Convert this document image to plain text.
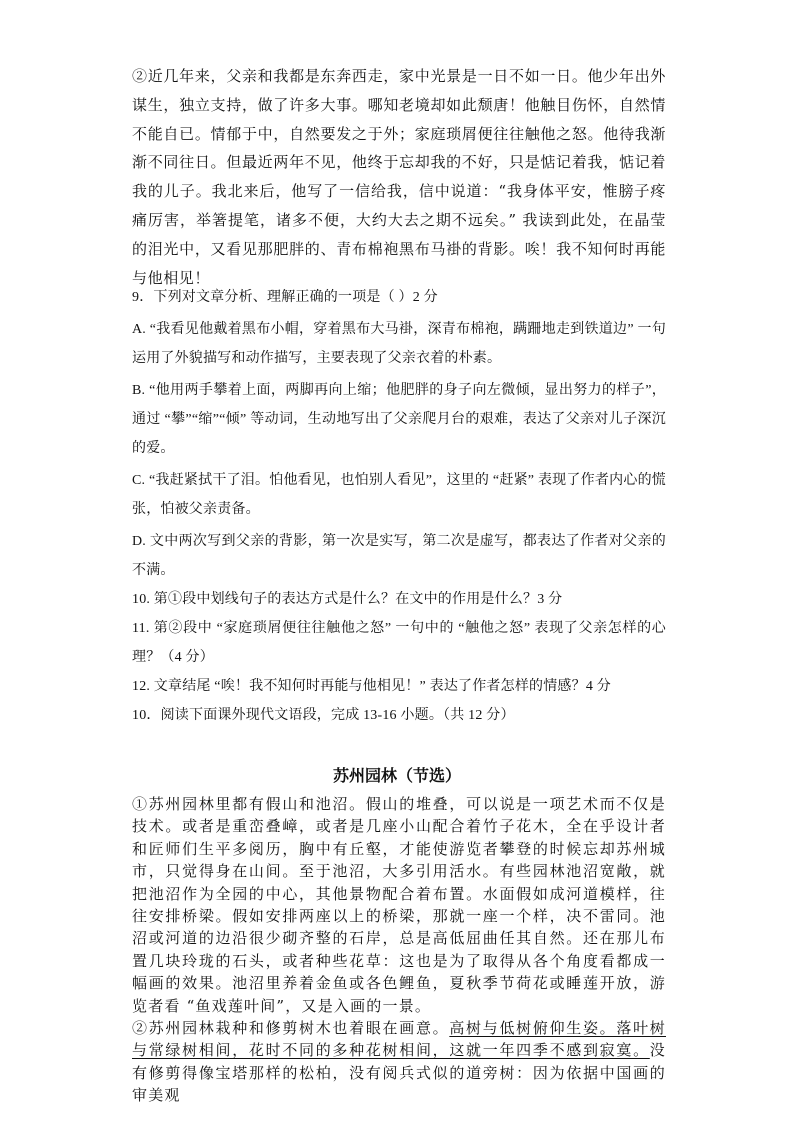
②近几年来，父亲和我都是东奔西走，家中光景是一日不如一日。他少年出外谋生，独立支持，做了许多大事。哪知老境却如此颓唐！他触目伤怀，自然情不能自已。情郁于中，自然要发之于外；家庭琐屑便往往触他之怒。他待我渐渐不同往日。但最近两年不见，他终于忘却我的不好，只是惦记着我，惦记着我的儿子。我北来后，他写了一信给我，信中说道：“我身体平安，惟膀子疼痛厉害，举箸提笔，诸多不便，大约大去之期不远矣。” 我读到此处，在晶莹的泪光中，又看见那肥胖的、青布棉袍黑布马褂的背影。唉！我不知何时再能与他相见！

9．下列对文章分析、理解正确的一项是（ ）2 分

A. “我看见他戴着黑布小帽，穿着黑布大马褂，深青布棉袍，蹒跚地走到铁道边” 一句运用了外貌描写和动作描写，主要表现了父亲衣着的朴素。

B. “他用两手攀着上面，两脚再向上缩；他肥胖的身子向左微倾，显出努力的样子”，通过 “攀”“缩”“倾” 等动词，生动地写出了父亲爬月台的艰难，表达了父亲对儿子深沉的爱。

C. “我赶紧拭干了泪。怕他看见，也怕别人看见”，这里的 “赶紧” 表现了作者内心的慌张，怕被父亲责备。

D. 文中两次写到父亲的背影，第一次是实写，第二次是虚写，都表达了作者对父亲的不满。

10. 第①段中划线句子的表达方式是什么？在文中的作用是什么？3 分

11. 第②段中 “家庭琐屑便往往触他之怒” 一句中的 “触他之怒” 表现了父亲怎样的心理？（4 分）

12. 文章结尾 “唉！我不知何时再能与他相见！” 表达了作者怎样的情感？4 分

10．阅读下面课外现代文语段，完成 13-16 小题。（共 12 分）

苏州园林（节选）

①苏州园林里都有假山和池沼。假山的堆叠，可以说是一项艺术而不仅是技术。或者是重峦叠嶂，或者是几座小山配合着竹子花木，全在乎设计者和匠师们生平多阅历，胸中有丘壑，才能使游览者攀登的时候忘却苏州城市，只觉得身在山间。至于池沼，大多引用活水。有些园林池沼宽敞，就把池沼作为全园的中心，其他景物配合着布置。水面假如成河道模样，往往安排桥梁。假如安排两座以上的桥梁，那就一座一个样，决不雷同。池沼或河道的边沿很少砌齐整的石岸，总是高低屈曲任其自然。还在那儿布置几块玲珑的石头，或者种些花草：这也是为了取得从各个角度看都成一幅画的效果。池沼里养着金鱼或各色鲤鱼，夏秋季节荷花或睡莲开放，游览者看 “鱼戏莲叶间”，又是入画的一景。

②苏州园林栽种和修剪树木也着眼在画意。高树与低树俯仰生姿。落叶树与常绿树相间，花时不同的多种花树相间，这就一年四季不感到寂寞。没有修剪得像宝塔那样的松柏，没有阅兵式似的道旁树：因为依据中国画的审美观
